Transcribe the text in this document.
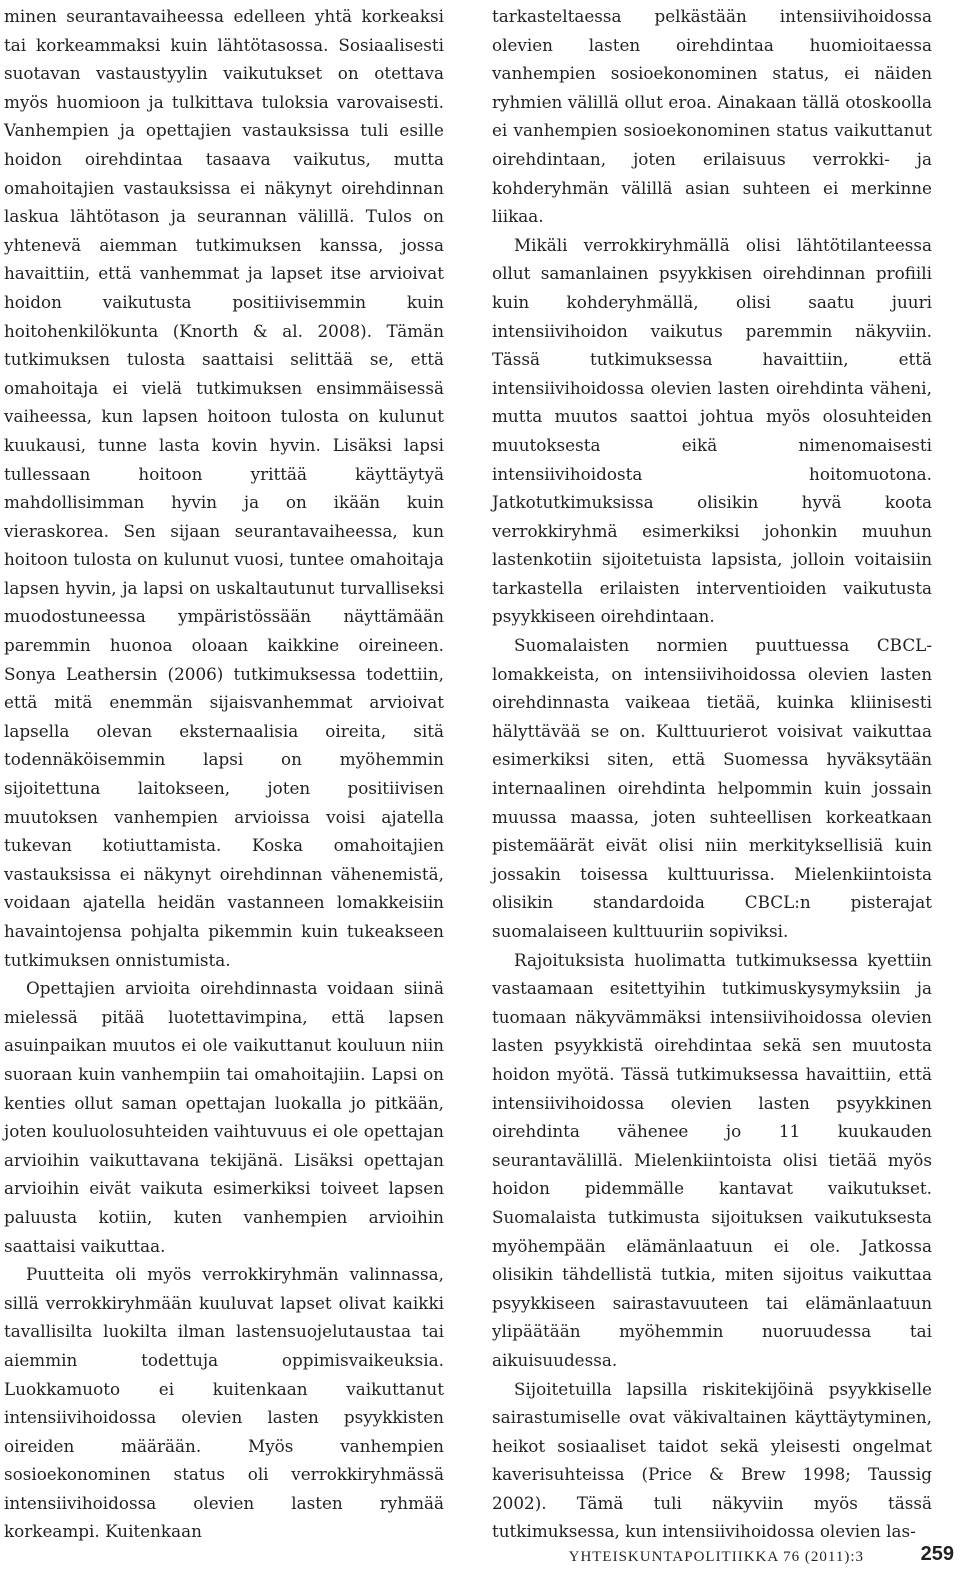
minen seurantavaiheessa edelleen yhtä korkeaksi tai korkeammaksi kuin lähtötasossa. Sosiaalisesti suotavan vastaustyylin vaikutukset on otettava myös huomioon ja tulkittava tuloksia varovaisesti. Vanhempien ja opettajien vastauksissa tuli esille hoidon oirehdintaa tasaava vaikutus, mutta omahoitajien vastauksissa ei näkynyt oirehdinnan laskua lähtötason ja seurannan välillä. Tulos on yhtenevä aiemman tutkimuksen kanssa, jossa havaittiin, että vanhemmat ja lapset itse arvioivat hoidon vaikutusta positiivisemmin kuin hoitohenkilökunta (Knorth & al. 2008). Tämän tutkimuksen tulosta saattaisi selittää se, että omahoitaja ei vielä tutkimuksen ensimmäisessä vaiheessa, kun lapsen hoitoon tulosta on kulunut kuukausi, tunne lasta kovin hyvin. Lisäksi lapsi tullessaan hoitoon yrittää käyttäytyä mahdollisimman hyvin ja on ikään kuin vieraskorea. Sen sijaan seurantavaiheessa, kun hoitoon tulosta on kulunut vuosi, tuntee omahoitaja lapsen hyvin, ja lapsi on uskaltautunut turvalliseksi muodostuneessa ympäristössään näyttämään paremmin huonoa oloaan kaikkine oireineen. Sonya Leathersin (2006) tutkimuksessa todettiin, että mitä enemmän sijaisvanhemmat arvioivat lapsella olevan eksternaalisia oireita, sitä todennäköisemmin lapsi on myöhemmin sijoitettuna laitokseen, joten positiivisen muutoksen vanhempien arvioissa voisi ajatella tukevan kotiuttamista. Koska omahoitajien vastauksissa ei näkynyt oirehdinnan vähenemistä, voidaan ajatella heidän vastanneen lomakkeisiin havaintojensa pohjalta pikemmin kuin tukeakseen tutkimuksen onnistumista.

Opettajien arvioita oirehdinnasta voidaan siinä mielessä pitää luotettavimpina, että lapsen asuinpaikan muutos ei ole vaikuttanut kouluun niin suoraan kuin vanhempiin tai omahoitajiin. Lapsi on kenties ollut saman opettajan luokalla jo pitkään, joten kouluolosuhteiden vaihtuvuus ei ole opettajan arvioihin vaikuttavana tekijänä. Lisäksi opettajan arvioihin eivät vaikuta esimerkiksi toiveet lapsen paluusta kotiin, kuten vanhempien arvioihin saattaisi vaikuttaa.

Puutteita oli myös verrokkiryhmän valinnassa, sillä verrokkiryhmään kuuluvat lapset olivat kaikki tavallisilta luokilta ilman lastensuojelutaustaa tai aiemmin todettuja oppimisvaikeuksia. Luokkamuoto ei kuitenkaan vaikuttanut intensiivihoidossa olevien lasten psyykkisten oireiden määrään. Myös vanhempien sosioekonominen status oli verrokkiryhmässä intensiivihoidossa olevien lasten ryhmää korkeampi. Kuitenkaan

tarkasteltaessa pelkästään intensiivihoidossa olevien lasten oirehdintaa huomioitaessa vanhempien sosioekonominen status, ei näiden ryhmien välillä ollut eroa. Ainakaan tällä otoskoolla ei vanhempien sosioekonominen status vaikuttanut oirehdintaan, joten erilaisuus verrokki- ja kohderyhmän välillä asian suhteen ei merkinne liikaa.

Mikäli verrokkiryhmällä olisi lähtötilanteessa ollut samanlainen psyykkisen oirehdinnan profiili kuin kohderyhmällä, olisi saatu juuri intensiivihoidon vaikutus paremmin näkyviin. Tässä tutkimuksessa havaittiin, että intensiivihoidossa olevien lasten oirehdinta väheni, mutta muutos saattoi johtua myös olosuhteiden muutoksesta eikä nimenomaisesti intensiivihoidosta hoitomuotona. Jatkotutkimuksissa olisikin hyvä koota verrokkiryhmä esimerkiksi johonkin muuhun lastenkotiin sijoitetuista lapsista, jolloin voitaisiin tarkastella erilaisten interventioiden vaikutusta psyykkiseen oirehdintaan.

Suomalaisten normien puuttuessa CBCL-lomakkeista, on intensiivihoidossa olevien lasten oirehdinnasta vaikeaa tietää, kuinka kliinisesti hälyttävää se on. Kulttuurierot voisivat vaikuttaa esimerkiksi siten, että Suomessa hyväksytään internaalinen oirehdinta helpommin kuin jossain muussa maassa, joten suhteellisen korkeatkaan pistemäärät eivät olisi niin merkityksellisiä kuin jossakin toisessa kulttuurissa. Mielenkiintoista olisikin standardoida CBCL:n pisterajat suomalaiseen kulttuuriin sopiviksi.

Rajoituksista huolimatta tutkimuksessa kyettiin vastaamaan esitettyihin tutkimuskysymyksiin ja tuomaan näkyvämmäksi intensiivihoidossa olevien lasten psyykkistä oirehdintaa sekä sen muutosta hoidon myötä. Tässä tutkimuksessa havaittiin, että intensiivihoidossa olevien lasten psyykkinen oirehdinta vähenee jo 11 kuukauden seurantavälillä. Mielenkiintoista olisi tietää myös hoidon pidemmälle kantavat vaikutukset. Suomalaista tutkimusta sijoituksen vaikutuksesta myöhempään elämänlaatuun ei ole. Jatkossa olisikin tähdellistä tutkia, miten sijoitus vaikuttaa psyykkiseen sairastavuuteen tai elämänlaatuun ylipäätään myöhemmin nuoruudessa tai aikuisuudessa.

Sijoitetuilla lapsilla riskitekijöinä psyykkiselle sairastumiselle ovat väkivaltainen käyttäytyminen, heikot sosiaaliset taidot sekä yleisesti ongelmat kaverisuhteissa (Price & Brew 1998; Taussig 2002). Tämä tuli näkyviin myös tässä tutkimuksessa, kun intensiivihoidossa olevien las-

YHTEISKUNTAPOLITIIKKA 76 (2011):3	259
